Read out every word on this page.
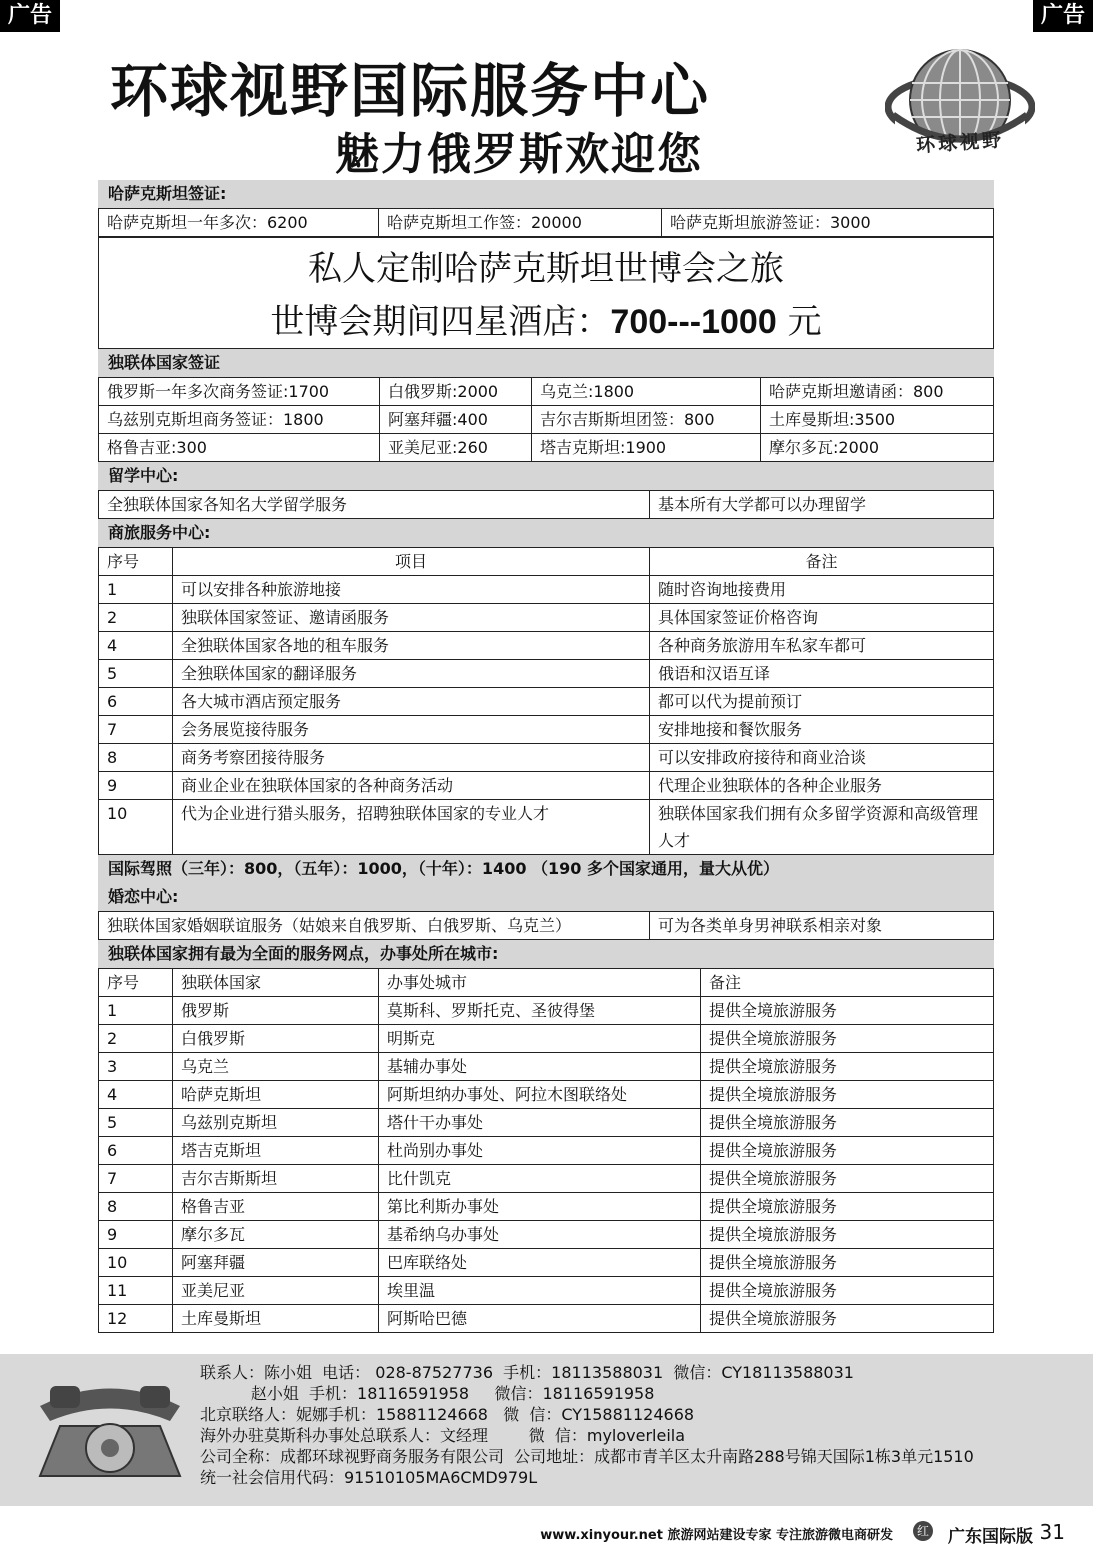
广告	广告
环球视野国际服务中心
魅力俄罗斯欢迎您	环球视野
哈萨克斯坦签证:
哈萨克斯坦一年多次：6200	哈萨克斯坦工作签：20000	哈萨克斯坦旅游签证：3000
私人定制哈萨克斯坦世博会之旅
世博会期间四星酒店：700---1000 元
独联体国家签证
俄罗斯一年多次商务签证:1700	白俄罗斯:2000	乌克兰:1800	哈萨克斯坦邀请函：800
乌兹别克斯坦商务签证：1800	阿塞拜疆:400	吉尔吉斯斯坦团签：800	土库曼斯坦:3500
格鲁吉亚:300	亚美尼亚:260	塔吉克斯坦:1900	摩尔多瓦:2000
留学中心:
全独联体国家各知名大学留学服务	基本所有大学都可以办理留学
商旅服务中心:
序号	项目	备注
1	可以安排各种旅游地接	随时咨询地接费用
2	独联体国家签证、邀请函服务	具体国家签证价格咨询
4	全独联体国家各地的租车服务	各种商务旅游用车私家车都可
5	全独联体国家的翻译服务	俄语和汉语互译
6	各大城市酒店预定服务	都可以代为提前预订
7	会务展览接待服务	安排地接和餐饮服务
8	商务考察团接待服务	可以安排政府接待和商业洽谈
9	商业企业在独联体国家的各种商务活动	代理企业独联体的各种企业服务
10	代为企业进行猎头服务，招聘独联体国家的专业人才	独联体国家我们拥有众多留学资源和高级管理人才
国际驾照（三年）：800，（五年）：1000，（十年）：1400 （190 多个国家通用，量大从优）
婚恋中心:
独联体国家婚姻联谊服务（姑娘来自俄罗斯、白俄罗斯、乌克兰）	可为各类单身男神联系相亲对象
独联体国家拥有最为全面的服务网点，办事处所在城市:
序号	独联体国家	办事处城市	备注
1	俄罗斯	莫斯科、罗斯托克、圣彼得堡	提供全境旅游服务
2	白俄罗斯	明斯克	提供全境旅游服务
3	乌克兰	基辅办事处	提供全境旅游服务
4	哈萨克斯坦	阿斯坦纳办事处、阿拉木图联络处	提供全境旅游服务
5	乌兹别克斯坦	塔什干办事处	提供全境旅游服务
6	塔吉克斯坦	杜尚别办事处	提供全境旅游服务
7	吉尔吉斯斯坦	比什凯克	提供全境旅游服务
8	格鲁吉亚	第比利斯办事处	提供全境旅游服务
9	摩尔多瓦	基希纳乌办事处	提供全境旅游服务
10	阿塞拜疆	巴库联络处	提供全境旅游服务
11	亚美尼亚	埃里温	提供全境旅游服务
12	土库曼斯坦	阿斯哈巴德	提供全境旅游服务
联系人：陈小姐  电话： 028-87527736  手机：18113588031  微信：CY18113588031
赵小姐  手机：18116591958     微信：18116591958
北京联络人：妮娜手机：15881124668   微  信：CY15881124668
海外办驻莫斯科办事处总联系人：文经理        微  信：myloverleila
公司全称：成都环球视野商务服务有限公司  公司地址：成都市青羊区太升南路288号锦天国际1栋3单元1510
统一社会信用代码：91510105MA6CMD979L
www.xinyour.net 旅游网站建设专家 专注旅游微电商研发	红 广东国际版 31
